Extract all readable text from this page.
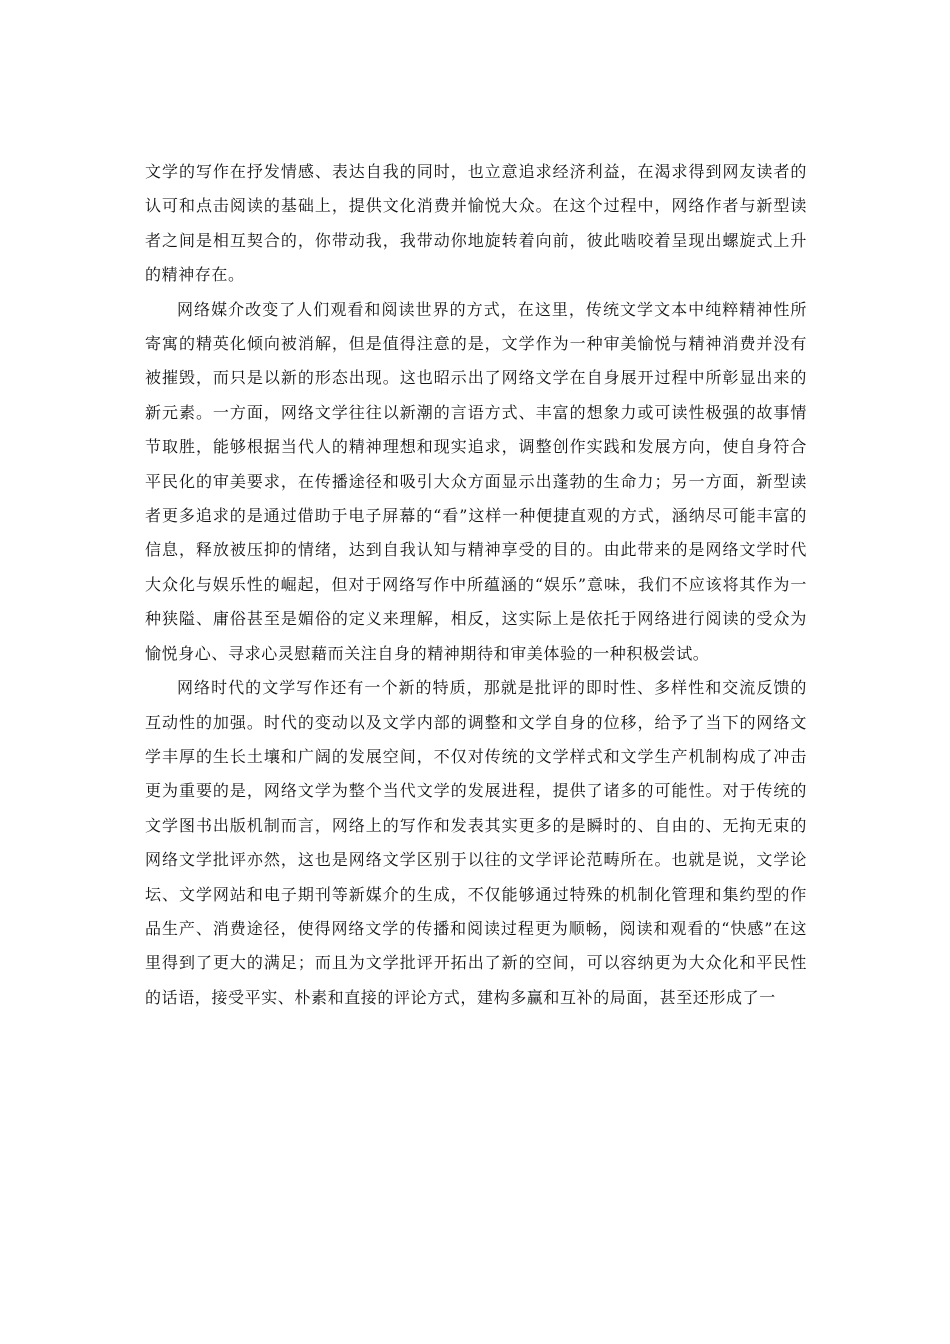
文学的写作在抒发情感、表达自我的同时，也立意追求经济利益，在渴求得到网友读者的认可和点击阅读的基础上，提供文化消费并愉悦大众。在这个过程中，网络作者与新型读者之间是相互契合的，你带动我，我带动你地旋转着向前，彼此啮咬着呈现出螺旋式上升的精神存在。

网络媒介改变了人们观看和阅读世界的方式，在这里，传统文学文本中纯粹精神性所寄寓的精英化倾向被消解，但是值得注意的是，文学作为一种审美愉悦与精神消费并没有被摧毁，而只是以新的形态出现。这也昭示出了网络文学在自身展开过程中所彰显出来的新元素。一方面，网络文学往往以新潮的言语方式、丰富的想象力或可读性极强的故事情节取胜，能够根据当代人的精神理想和现实追求，调整创作实践和发展方向，使自身符合平民化的审美要求，在传播途径和吸引大众方面显示出蓬勃的生命力；另一方面，新型读者更多追求的是通过借助于电子屏幕的“看”这样一种便捷直观的方式，涵纳尽可能丰富的信息，释放被压抑的情绪，达到自我认知与精神享受的目的。由此带来的是网络文学时代大众化与娱乐性的崛起，但对于网络写作中所蕴涵的“娱乐”意味，我们不应该将其作为一种狭隘、庸俗甚至是媚俗的定义来理解，相反，这实际上是依托于网络进行阅读的受众为愉悦身心、寻求心灵慰藉而关注自身的精神期待和审美体验的一种积极尝试。

网络时代的文学写作还有一个新的特质，那就是批评的即时性、多样性和交流反馈的互动性的加强。时代的变动以及文学内部的调整和文学自身的位移，给予了当下的网络文学丰厚的生长土壤和广阔的发展空间，不仅对传统的文学样式和文学生产机制构成了冲击更为重要的是，网络文学为整个当代文学的发展进程，提供了诸多的可能性。对于传统的文学图书出版机制而言，网络上的写作和发表其实更多的是瞬时的、自由的、无拘无束的网络文学批评亦然，这也是网络文学区别于以往的文学评论范畴所在。也就是说，文学论坛、文学网站和电子期刊等新媒介的生成，不仅能够通过特殊的机制化管理和集约型的作品生产、消费途径，使得网络文学的传播和阅读过程更为顺畅，阅读和观看的“快感”在这里得到了更大的满足；而且为文学批评开拓出了新的空间，可以容纳更为大众化和平民性的话语，接受平实、朴素和直接的评论方式，建构多赢和互补的局面，甚至还形成了一
